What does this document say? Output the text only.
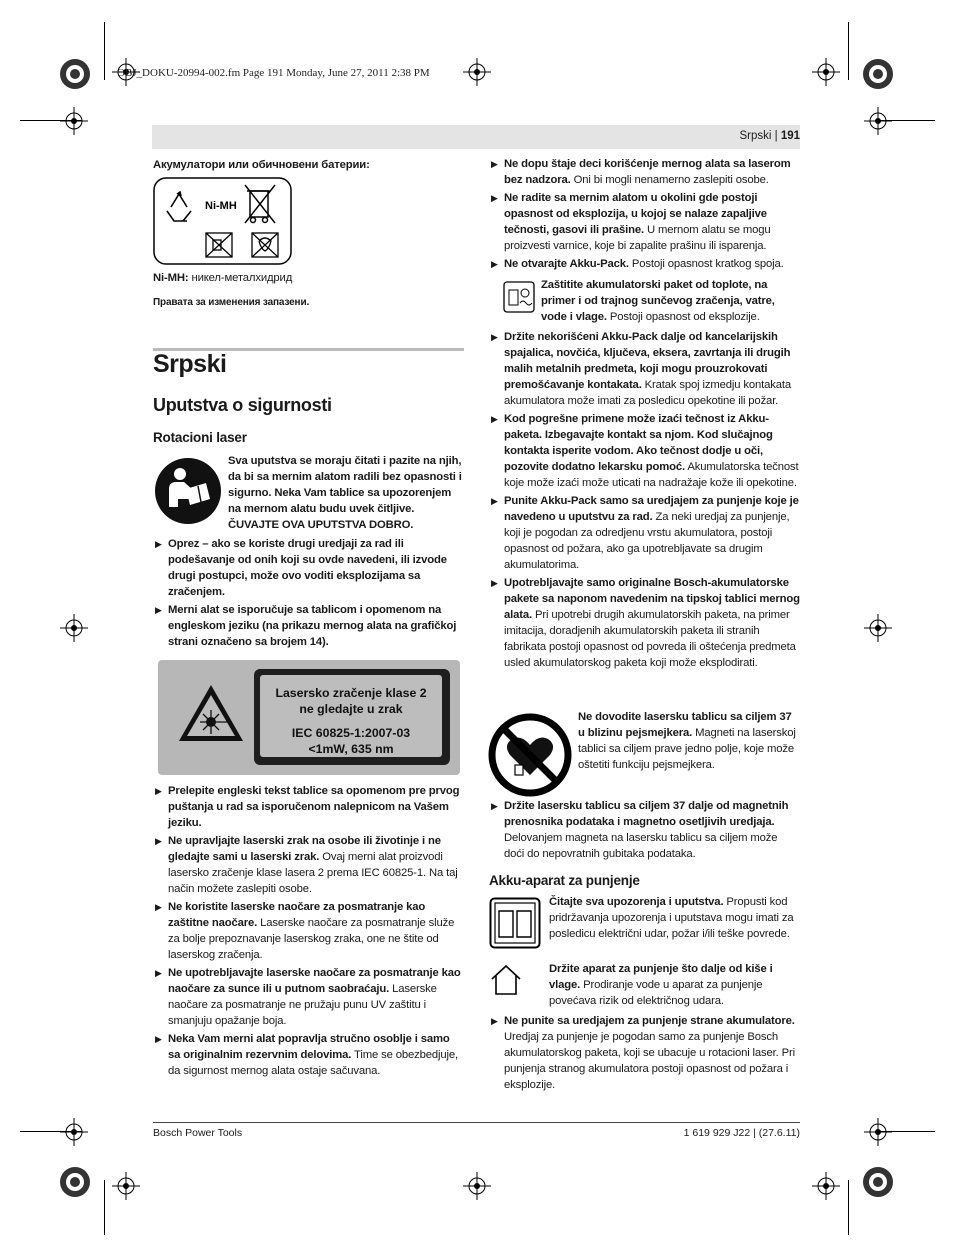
OBJ_DOKU-20994-002.fm Page 191 Monday, June 27, 2011 2:38 PM
Srpski | 191
Акумулатори или обичновени батерии:
Ni-MH
Ni-MH: никел-металхидрид
Правата за изменения запазени.
Srpski
Uputstva o sigurnosti
Rotacioni laser
Sva uputstva se moraju čitati i pazite na njih, da bi sa mernim alatom radili bez opasnosti i sigurno. Neka Vam tablice sa upozorenjem na mernom alatu budu uvek čitljive. ČUVAJTE OVA UPUTSTVA DOBRO.
▶ Oprez – ako se koriste drugi uredjaji za rad ili podešavanje od onih koji su ovde navedeni, ili izvode drugi postupci, može ovo voditi eksplozijama sa zračenjem.
▶ Merni alat se isporučuje sa tablicom i opomenom na engleskom jeziku (na prikazu mernog alata na grafičkoj strani označeno sa brojem 14).
Lasersko zračenje klase 2
ne gledajte u zrak
IEC 60825-1:2007-03
<1mW, 635 nm
▶ Prelepite engleski tekst tablice sa opomenom pre prvog puštanja u rad sa isporučenom nalepnicom na Vašem jeziku.
▶ Ne upravljajte laserski zrak na osobe ili životinje i ne gledajte sami u laserski zrak. Ovaj merni alat proizvodi lasersko zračenje klase lasera 2 prema IEC 60825-1. Na taj način možete zaslepiti osobe.
▶ Ne koristite laserske naočare za posmatranje kao zaštitne naočare. Laserske naočare za posmatranje služe za bolje prepoznavanje laserskog zraka, one ne štite od laserskog zračenja.
▶ Ne upotrebljavajte laserske naočare za posmatranje kao naočare za sunce ili u putnom saobraćaju. Laserske naočare za posmatranje ne pružaju punu UV zaštitu i smanjuju opažanje boja.
▶ Neka Vam merni alat popravlja stručno osoblje i samo sa originalnim rezervnim delovima. Time se obezbedjuje, da sigurnost mernog alata ostaje sačuvana.
▶ Ne dopu štaje deci korišćenje mernog alata sa laserom bez nadzora. Oni bi mogli nenamerno zaslepiti osobe.
▶ Ne radite sa mernim alatom u okolini gde postoji opasnost od eksplozija, u kojoj se nalaze zapaljive tečnosti, gasovi ili prašine. U mernom alatu se mogu proizvesti varnice, koje bi zapalite prašinu ili isparenja.
▶ Ne otvarajte Akku-Pack. Postoji opasnost kratkog spoja.
Zaštitite akumulatorski paket od toplote, na primer i od trajnog sunčevog zračenja, vatre, vode i vlage. Postoji opasnost od eksplozije.
▶ Držite nekorišćeni Akku-Pack dalje od kancelarijskih spajalica, novčića, ključeva, eksera, zavrtanja ili drugih malih metalnih predmeta, koji mogu prouzrokovati premošćavanje kontakata. Kratak spoj izmedju kontakata akumulatora može imati za posledicu opekotine ili požar.
▶ Kod pogrešne primene može izaći tečnost iz Akku-paketa. Izbegavajte kontakt sa njom. Kod slučajnog kontakta isperite vodom. Ako tečnost dodje u oči, pozovite dodatno lekarsku pomoć. Akumulatorska tečnost koje može izaći može uticati na nadražaje kože ili opekotine.
▶ Punite Akku-Pack samo sa uredjajem za punjenje koje je navedeno u uputstvu za rad. Za neki uredjaj za punjenje, koji je pogodan za odredjenu vrstu akumulatora, postoji opasnost od požara, ako ga upotrebljavate sa drugim akumulatorima.
▶ Upotrebljavajte samo originalne Bosch-akumulatorske pakete sa naponom navedenim na tipskoj tablici mernog alata. Pri upotrebi drugih akumulatorskih paketa, na primer imitacija, doradjenih akumulatorskih paketa ili stranih fabrikata postoji opasnost od povreda ili oštećenja predmeta usled akumulatorskog paketa koji može eksplodirati.
Ne dovodite lasersku tablicu sa ciljem 37 u blizinu pejsmejkera. Magneti na laserskoj tablici sa ciljem prave jedno polje, koje može oštetiti funkciju pejsmejkera.
▶ Držite lasersku tablicu sa ciljem 37 dalje od magnetnih prenosnika podataka i magnetno osetljivih uredjaja. Delovanjem magneta na lasersku tablicu sa ciljem može doći do nepovratnih gubitaka podataka.
Akku-aparat za punjenje
Čitajte sva upozorenja i uputstva. Propusti kod pridržavanja upozorenja i uputstava mogu imati za posledicu električni udar, požar i/ili teške povrede.
Držite aparat za punjenje što dalje od kiše i vlage. Prodiranje vode u aparat za punjenje povećava rizik od električnog udara.
▶ Ne punite sa uredjajem za punjenje strane akumulatore. Uredjaj za punjenje je pogodan samo za punjenje Bosch akumulatorskog paketa, koji se ubacuje u rotacioni laser. Pri punjenja stranog akumulatora postoji opasnost od požara i eksplozije.
Bosch Power Tools	1 619 929 J22 | (27.6.11)
